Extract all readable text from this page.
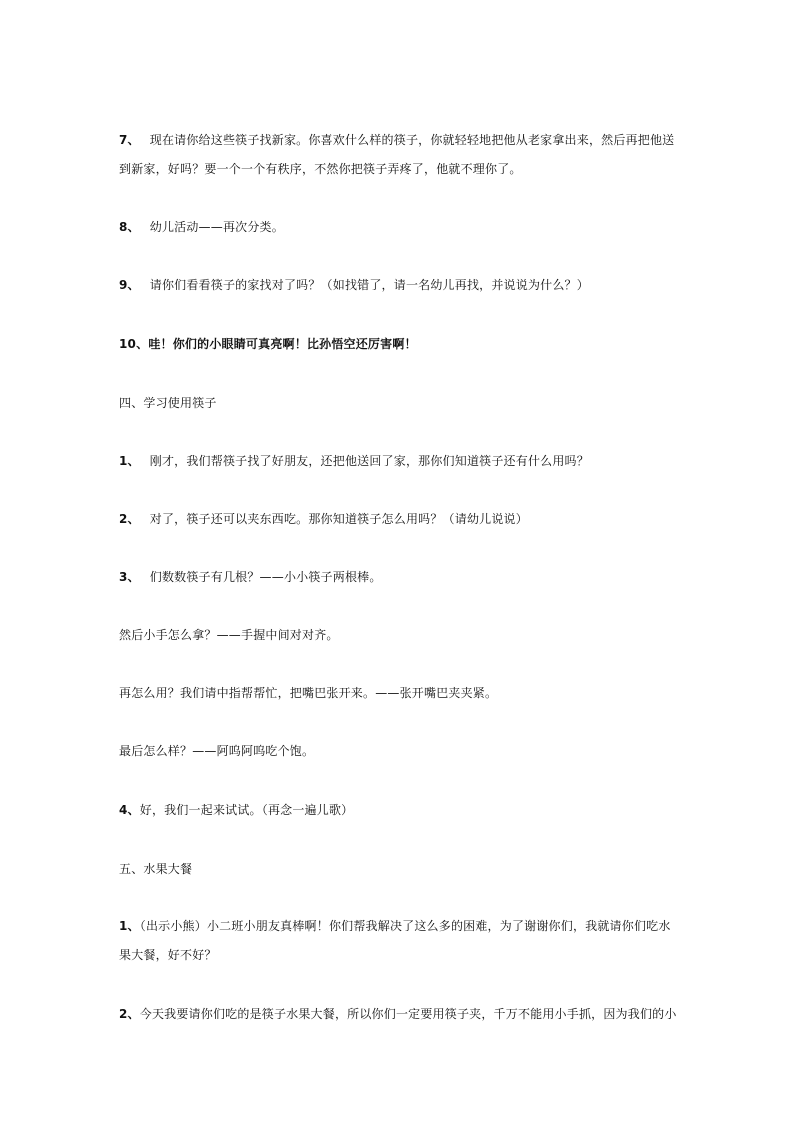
7、 现在请你给这些筷子找新家。你喜欢什么样的筷子，你就轻轻地把他从老家拿出来，然后再把他送
到新家，好吗？要一个一个有秩序，不然你把筷子弄疼了，他就不理你了。
8、 幼儿活动——再次分类。
9、 请你们看看筷子的家找对了吗？（如找错了，请一名幼儿再找，并说说为什么？）
10、哇！你们的小眼睛可真亮啊！比孙悟空还厉害啊！
四、学习使用筷子
1、 刚才，我们帮筷子找了好朋友，还把他送回了家，那你们知道筷子还有什么用吗？
2、 对了，筷子还可以夹东西吃。那你知道筷子怎么用吗？（请幼儿说说）
3、 们数数筷子有几根？——小小筷子两根棒。
然后小手怎么拿？——手握中间对对齐。
再怎么用？我们请中指帮帮忙，把嘴巴张开来。——张开嘴巴夹夹紧。
最后怎么样？——阿呜阿呜吃个饱。
4、好，我们一起来试试。（再念一遍儿歌）
五、水果大餐
1、（出示小熊）小二班小朋友真棒啊！你们帮我解决了这么多的困难，为了谢谢你们，我就请你们吃水
果大餐，好不好？
2、今天我要请你们吃的是筷子水果大餐，所以你们一定要用筷子夹，千万不能用小手抓，因为我们的小
